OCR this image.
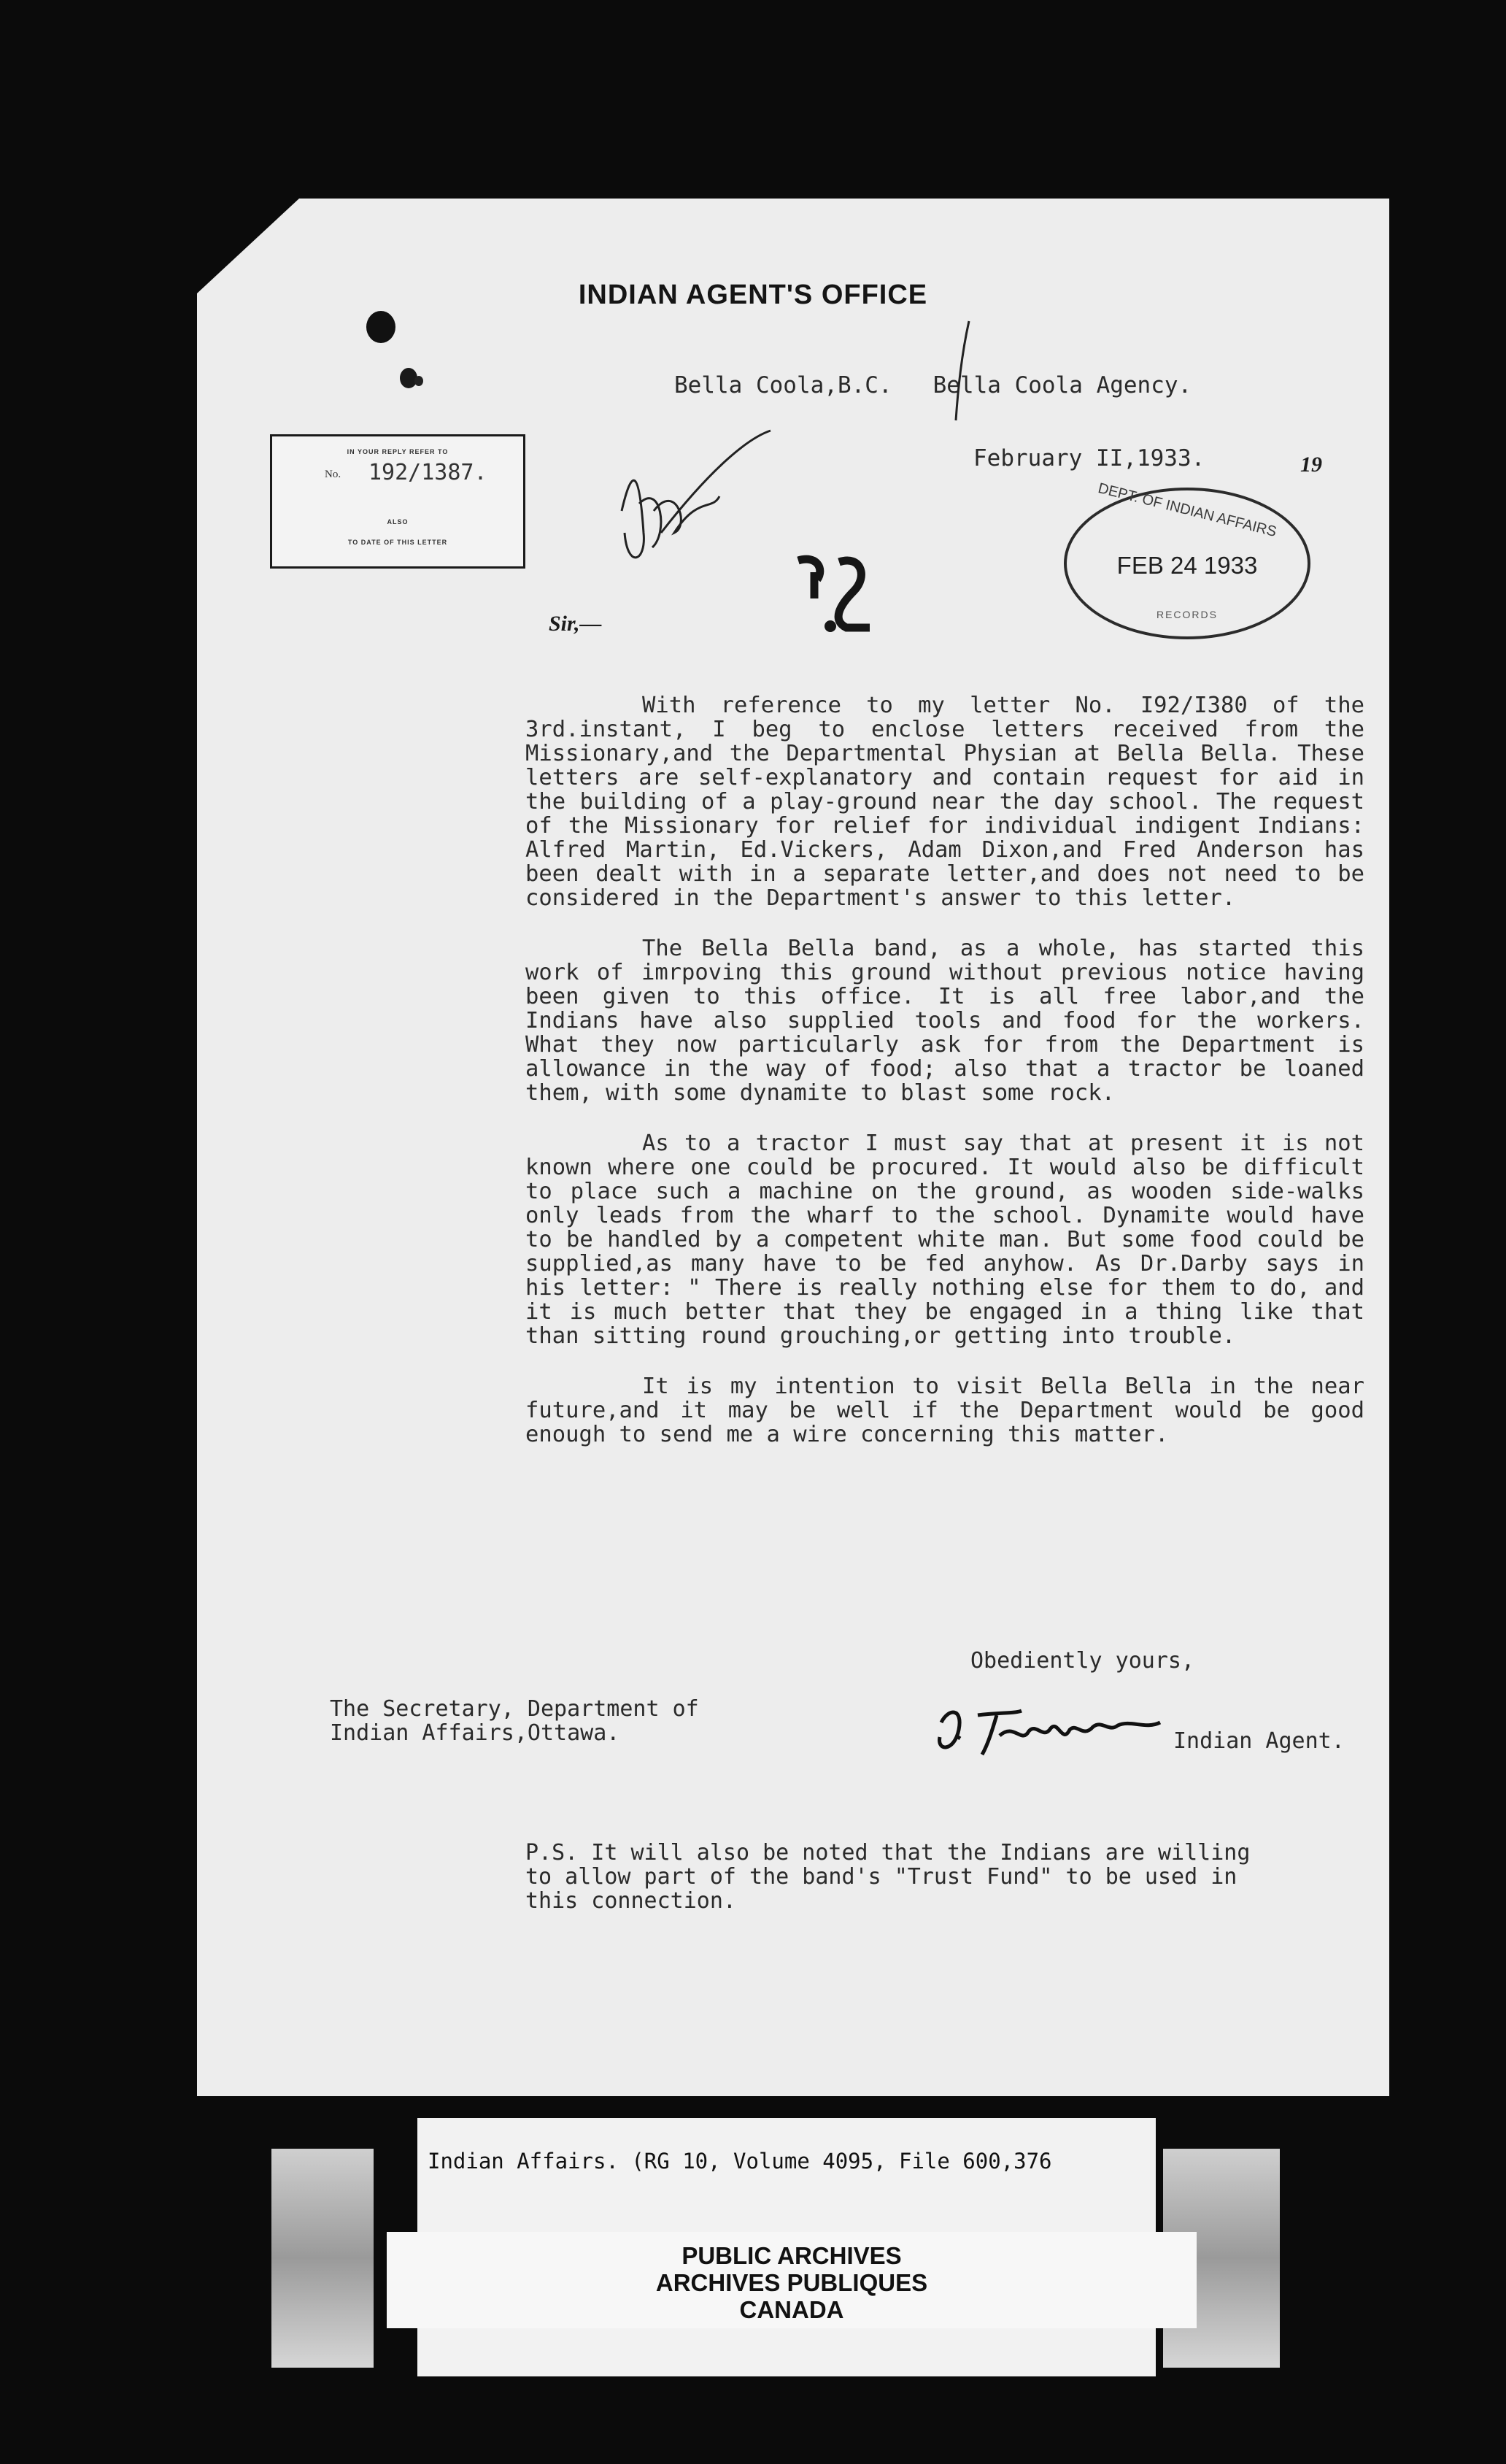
INDIAN AGENT'S OFFICE
Bella Coola,B.C.   Bella Coola Agency.
February II,1933.	19
IN YOUR REPLY REFER TO
No. 192/1387.
ALSO
TO DATE OF THIS LETTER
DEPT. OF INDIAN AFFAIRS
FEB 24 1933
RECORDS
Sir,—

With reference to my letter No. I92/I380 of the 3rd.instant, I beg to enclose letters received from the Missionary,and the Departmental Physian at Bella Bella. These letters are self-explanatory and contain request for aid in the building of a play-ground near the day school. The request of the Missionary for relief for individual indigent Indians: Alfred Martin, Ed.Vickers, Adam Dixon,and Fred Anderson has been dealt with in a separate letter,and does not need to be considered in the Department's answer to this letter.

The Bella Bella band, as a whole, has started this work of imrpoving this ground without previous notice having been given to this office. It is all free labor,and the Indians have also supplied tools and food for the workers. What they now particularly ask for from the Department is allowance in the way of food; also that a tractor be loaned them, with some dynamite to blast some rock.

As to a tractor I must say that at present it is not known where one could be procured. It would also be difficult to place such a machine on the ground, as wooden side-walks only leads from the wharf to the school. Dynamite would have to be handled by a competent white man. But some food could be supplied,as many have to be fed anyhow. As Dr.Darby says in his letter: " There is really nothing else for them to do, and it is much better that they be engaged in a thing like that than sitting round grouching,or getting into trouble.

It is my intention to visit Bella Bella in the near future,and it may be well if the Department would be good enough to send me a wire concerning this matter.

Obediently yours,
The Secretary, Department of
Indian Affairs,Ottawa.	Indian Agent.
P.S. It will also be noted that the Indians are willing to allow part of the band's "Trust Fund" to be used in this connection.
Indian Affairs. (RG 10, Volume 4095, File 600,376
PUBLIC ARCHIVES
ARCHIVES PUBLIQUES
CANADA
